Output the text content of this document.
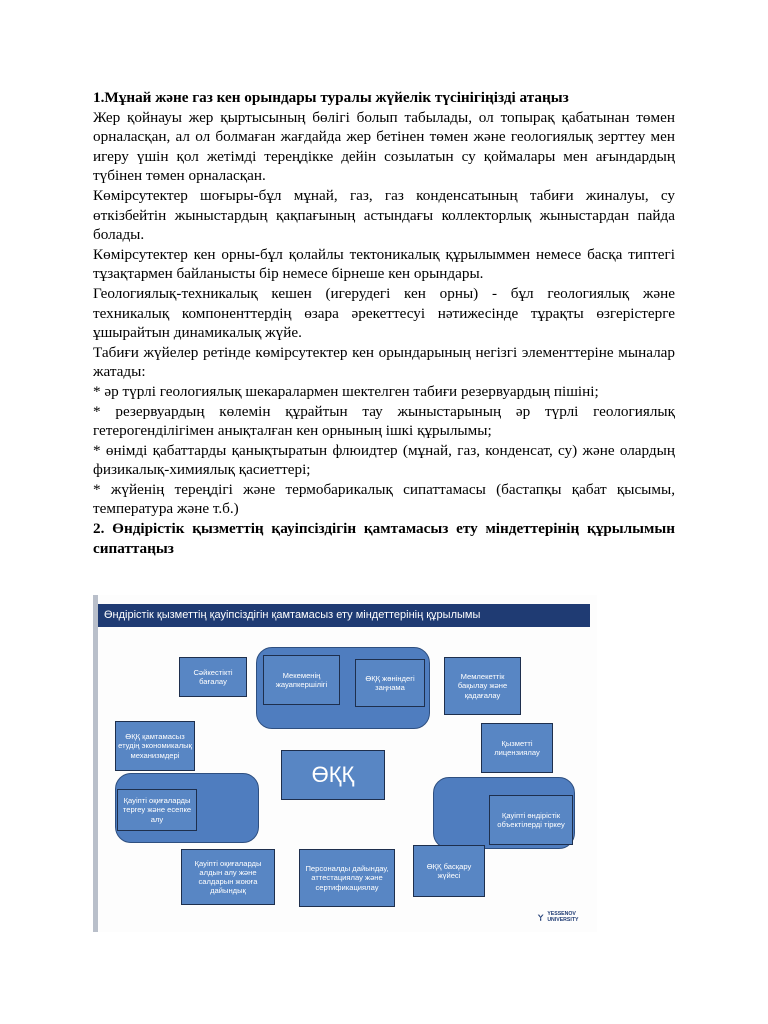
1.Мұнай және газ кен орындары туралы жүйелік түсінігіңізді атаңыз

Жер қойнауы жер қыртысының бөлігі болып табылады, ол топырақ қабатынан төмен орналасқан, ал ол болмаған жағдайда жер бетінен төмен және геологиялық зерттеу мен игеру үшін қол жетімді тереңдікке дейін созылатын су қоймалары мен ағындардың түбінен төмен орналасқан.

Көмірсутектер шоғыры-бұл мұнай, газ, газ конденсатының табиғи жиналуы, су өткізбейтін жыныстардың қақпағының астындағы коллекторлық жыныстардан пайда болады.

Көмірсутектер кен орны-бұл қолайлы тектоникалық құрылыммен немесе басқа типтегі тұзақтармен байланысты бір немесе бірнеше кен орындары.

Геологиялық-техникалық кешен (игерудегі кен орны) - бұл геологиялық және техникалық компоненттердің өзара әрекеттесуі нәтижесінде тұрақты өзгерістерге ұшырайтын динамикалық жүйе.

Табиғи жүйелер ретінде көмірсутектер кен орындарының негізгі элементтеріне мыналар жатады:

* әр түрлі геологиялық шекаралармен шектелген табиғи резервуардың пішіні;

* резервуардың көлемін құрайтын тау жыныстарының әр түрлі геологиялық гетерогенділігімен анықталған кен орнының ішкі құрылымы;

* өнімді қабаттарды қанықтыратын флюидтер (мұнай, газ, конденсат, су) және олардың физикалық-химиялық қасиеттері;

* жүйенің тереңдігі және термобарикалық сипаттамасы (бастапқы қабат қысымы, температура және т.б.)

2. Өндірістік қызметтің қауіпсіздігін қамтамасыз ету міндеттерінің құрылымын сипаттаңыз

Өндірістік қызметтің қауіпсіздігін қамтамасыз ету міндеттерінің құрылымы
Сәйкестікті бағалау
Мекеменің жауапкершілігі
ӨҚҚ жөніндегі заңнама
Мемлекеттік бақылау және қадағалау
ӨҚҚ қамтамасыз етудің экономикалық механизмдері
Қызметті лицензиялау
ӨҚҚ
Қауіпті оқиғаларды тергеу және есепке алу	Қауіпті өндірістік объектілерді тіркеу
Қауіпті оқиғаларды алдын алу және салдарын жоюға дайындық
Персоналды дайындау, аттестациялау және сертификациялау
ӨҚҚ басқару жүйесі
YESSENOV UNIVERSITY
